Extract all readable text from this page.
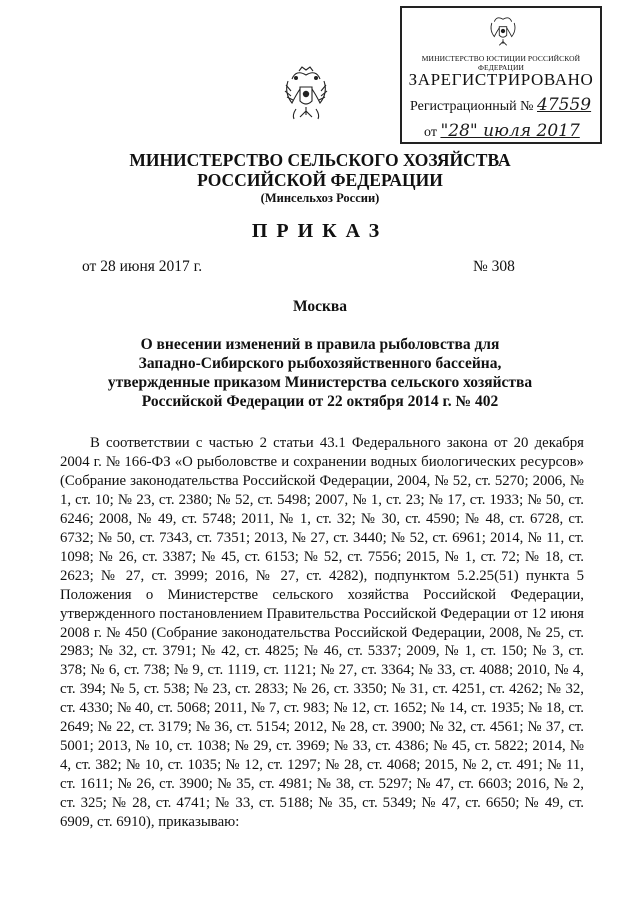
МИНИСТЕРСТВО ЮСТИЦИИ РОССИЙСКОЙ ФЕДЕРАЦИИ
ЗАРЕГИСТРИРОВАНО
Регистрационный № 47559
от "28" июля 2017
МИНИСТЕРСТВО СЕЛЬСКОГО ХОЗЯЙСТВА
РОССИЙСКОЙ ФЕДЕРАЦИИ
(Минсельхоз России)
ПРИКАЗ
от 28 июня 2017 г.	№ 308
Москва
О внесении изменений в правила рыболовства для
Западно-Сибирского рыбохозяйственного бассейна,
утвержденные приказом Министерства сельского хозяйства
Российской Федерации от 22 октября 2014 г. № 402

В соответствии с частью 2 статьи 43.1 Федерального закона от 20 декабря 2004 г. № 166-ФЗ «О рыболовстве и сохранении водных биологических ресурсов» (Собрание законодательства Российской Федерации, 2004, № 52, ст. 5270; 2006, № 1, ст. 10; № 23, ст. 2380; № 52, ст. 5498; 2007, № 1, ст. 23; № 17, ст. 1933; № 50, ст. 6246; 2008, № 49, ст. 5748; 2011, № 1, ст. 32; № 30, ст. 4590; № 48, ст. 6728, ст. 6732; № 50, ст. 7343, ст. 7351; 2013, № 27, ст. 3440; № 52, ст. 6961; 2014, № 11, ст. 1098; № 26, ст. 3387; № 45, ст. 6153; № 52, ст. 7556; 2015, № 1, ст. 72; № 18, ст. 2623; № 27, ст. 3999; 2016, № 27, ст. 4282), подпунктом 5.2.25(51) пункта 5 Положения о Министерстве сельского хозяйства Российской Федерации, утвержденного постановлением Правительства Российской Федерации от 12 июня 2008 г. № 450 (Собрание законодательства Российской Федерации, 2008, № 25, ст. 2983; № 32, ст. 3791; № 42, ст. 4825; № 46, ст. 5337; 2009, № 1, ст. 150; № 3, ст. 378; № 6, ст. 738; № 9, ст. 1119, ст. 1121; № 27, ст. 3364; № 33, ст. 4088; 2010, № 4, ст. 394; № 5, ст. 538; № 23, ст. 2833; № 26, ст. 3350; № 31, ст. 4251, ст. 4262; № 32, ст. 4330; № 40, ст. 5068; 2011, № 7, ст. 983; № 12, ст. 1652; № 14, ст. 1935; № 18, ст. 2649; № 22, ст. 3179; № 36, ст. 5154; 2012, № 28, ст. 3900; № 32, ст. 4561; № 37, ст. 5001; 2013, № 10, ст. 1038; № 29, ст. 3969; № 33, ст. 4386; № 45, ст. 5822; 2014, № 4, ст. 382; № 10, ст. 1035; № 12, ст. 1297; № 28, ст. 4068; 2015, № 2, ст. 491; № 11, ст. 1611; № 26, ст. 3900; № 35, ст. 4981; № 38, ст. 5297; № 47, ст. 6603; 2016, № 2, ст. 325; № 28, ст. 4741; № 33, ст. 5188; № 35, ст. 5349; № 47, ст. 6650; № 49, ст. 6909, ст. 6910), приказываю:
